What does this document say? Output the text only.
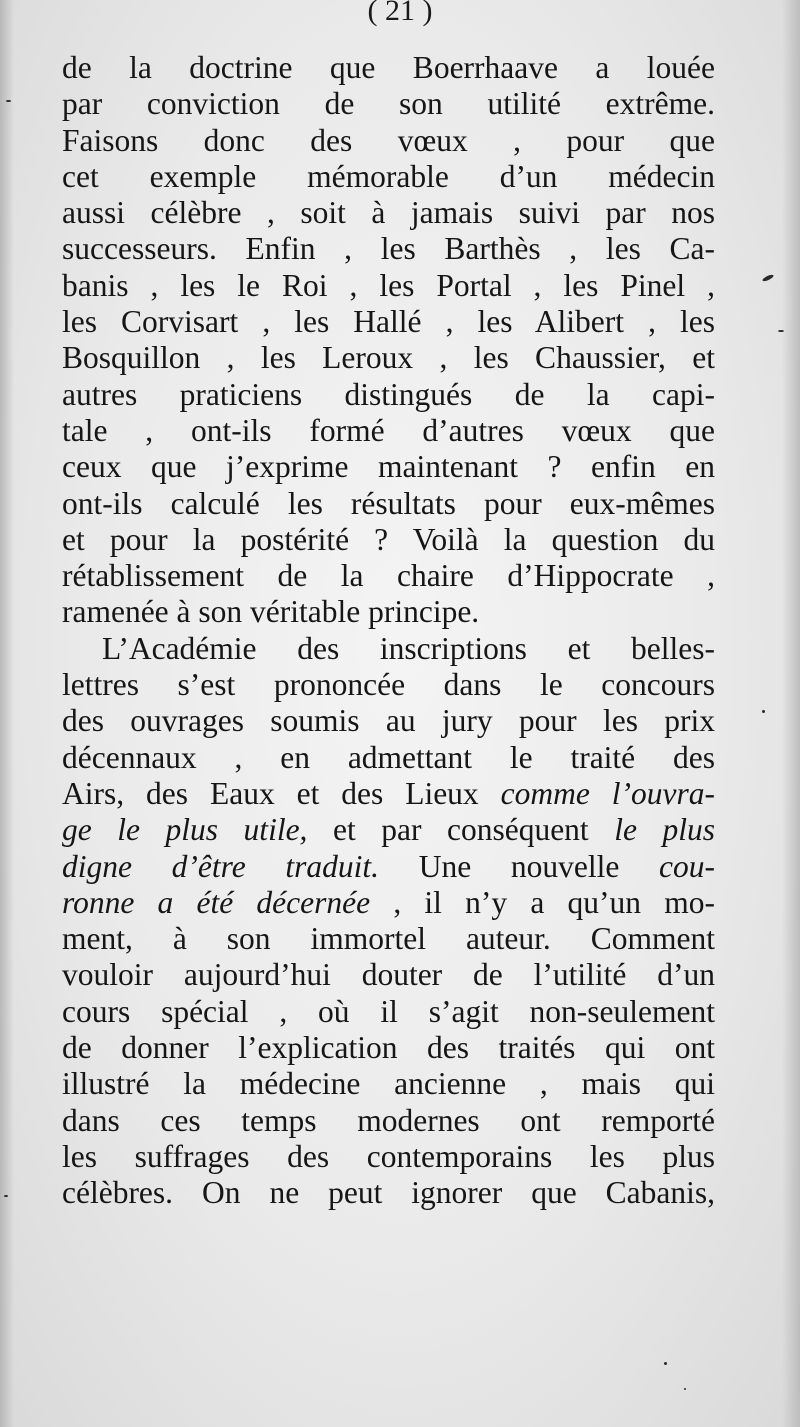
( 21 )
de la doctrine que Boerrhaave a louée
par conviction de son utilité extrême.
Faisons donc des vœux , pour que
cet exemple mémorable d’un médecin
aussi célèbre , soit à jamais suivi par nos
successeurs. Enfin , les Barthès , les Ca-
banis , les le Roi , les Portal , les Pinel ,
les Corvisart , les Hallé , les Alibert , les
Bosquillon , les Leroux , les Chaussier, et
autres praticiens distingués de la capi-
tale , ont-ils formé d’autres vœux que
ceux que j’exprime maintenant ? enfin en
ont-ils calculé les résultats pour eux-mêmes
et pour la postérité ? Voilà la question du
rétablissement de la chaire d’Hippocrate ,
ramenée à son véritable principe.
L’Académie des inscriptions et belles-
lettres s’est prononcée dans le concours
des ouvrages soumis au jury pour les prix
décennaux , en admettant le traité des
Airs, des Eaux et des Lieux comme l’ouvra-
ge le plus utile, et par conséquent le plus
digne d’être traduit. Une nouvelle cou-
ronne a été décernée , il n’y a qu’un mo-
ment, à son immortel auteur. Comment
vouloir aujourd’hui douter de l’utilité d’un
cours spécial , où il s’agit non-seulement
de donner l’explication des traités qui ont
illustré la médecine ancienne , mais qui
dans ces temps modernes ont remporté
les suffrages des contemporains les plus
célèbres. On ne peut ignorer que Cabanis,
